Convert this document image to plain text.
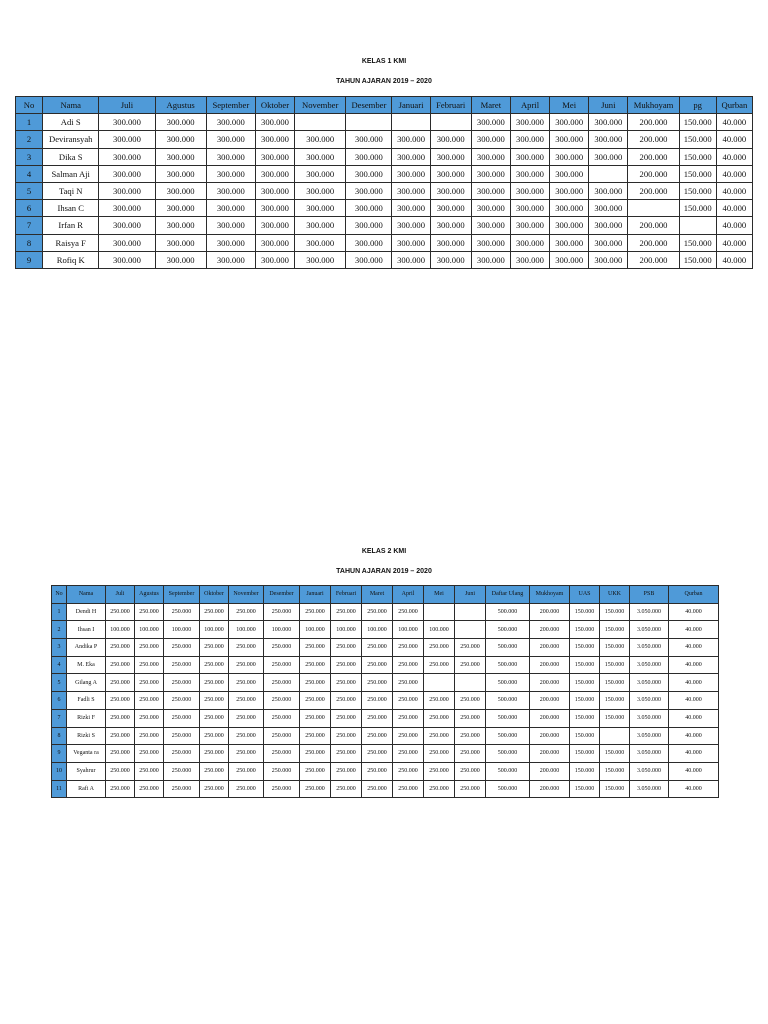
KELAS 1 KMI
TAHUN AJARAN 2019 – 2020
No	Nama	Juli	Agustus	September	Oktober	November	Desember	Januari	Februari	Maret	April	Mei	Juni	Mukhoyam	pg	Qurban
1	Adi S	300.000	300.000	300.000	300.000					300.000	300.000	300.000	300.000	200.000	150.000	40.000
2	Deviransyah	300.000	300.000	300.000	300.000	300.000	300.000	300.000	300.000	300.000	300.000	300.000	300.000	200.000	150.000	40.000
3	Dika S	300.000	300.000	300.000	300.000	300.000	300.000	300.000	300.000	300.000	300.000	300.000	300.000	200.000	150.000	40.000
4	Salman Aji	300.000	300.000	300.000	300.000	300.000	300.000	300.000	300.000	300.000	300.000	300.000		200.000	150.000	40.000
5	Taqi N	300.000	300.000	300.000	300.000	300.000	300.000	300.000	300.000	300.000	300.000	300.000	300.000	200.000	150.000	40.000
6	Ihsan C	300.000	300.000	300.000	300.000	300.000	300.000	300.000	300.000	300.000	300.000	300.000	300.000		150.000	40.000
7	Irfan R	300.000	300.000	300.000	300.000	300.000	300.000	300.000	300.000	300.000	300.000	300.000	300.000	200.000		40.000
8	Raisya F	300.000	300.000	300.000	300.000	300.000	300.000	300.000	300.000	300.000	300.000	300.000	300.000	200.000	150.000	40.000
9	Rofiq K	300.000	300.000	300.000	300.000	300.000	300.000	300.000	300.000	300.000	300.000	300.000	300.000	200.000	150.000	40.000
KELAS 2 KMI
TAHUN AJARAN 2019 – 2020
No	Nama	Juli	Agustus	September	Oktober	November	Desember	Januari	Februari	Maret	April	Mei	Juni	Daftar Ulang	Mukhoyam	UAS	UKK	PSB	Qurban
1	Dendi H	250.000	250.000	250.000	250.000	250.000	250.000	250.000	250.000	250.000	250.000			500.000	200.000	150.000	150.000	3.050.000	40.000
2	Ihsan I	100.000	100.000	100.000	100.000	100.000	100.000	100.000	100.000	100.000	100.000	100.000		500.000	200.000	150.000	150.000	3.050.000	40.000
3	Andika P	250.000	250.000	250.000	250.000	250.000	250.000	250.000	250.000	250.000	250.000	250.000	250.000	500.000	200.000	150.000	150.000	3.050.000	40.000
4	M. Eka	250.000	250.000	250.000	250.000	250.000	250.000	250.000	250.000	250.000	250.000	250.000	250.000	500.000	200.000	150.000	150.000	3.050.000	40.000
5	Gilang A	250.000	250.000	250.000	250.000	250.000	250.000	250.000	250.000	250.000	250.000			500.000	200.000	150.000	150.000	3.050.000	40.000
6	Fadli S	250.000	250.000	250.000	250.000	250.000	250.000	250.000	250.000	250.000	250.000	250.000	250.000	500.000	200.000	150.000	150.000	3.050.000	40.000
7	Rizki F	250.000	250.000	250.000	250.000	250.000	250.000	250.000	250.000	250.000	250.000	250.000	250.000	500.000	200.000	150.000	150.000	3.050.000	40.000
8	Rizki S	250.000	250.000	250.000	250.000	250.000	250.000	250.000	250.000	250.000	250.000	250.000	250.000	500.000	200.000	150.000		3.050.000	40.000
9	Veganta ra	250.000	250.000	250.000	250.000	250.000	250.000	250.000	250.000	250.000	250.000	250.000	250.000	500.000	200.000	150.000	150.000	3.050.000	40.000
10	Syahrur	250.000	250.000	250.000	250.000	250.000	250.000	250.000	250.000	250.000	250.000	250.000	250.000	500.000	200.000	150.000	150.000	3.050.000	40.000
11	Rafi A	250.000	250.000	250.000	250.000	250.000	250.000	250.000	250.000	250.000	250.000	250.000	250.000	500.000	200.000	150.000	150.000	3.050.000	40.000
